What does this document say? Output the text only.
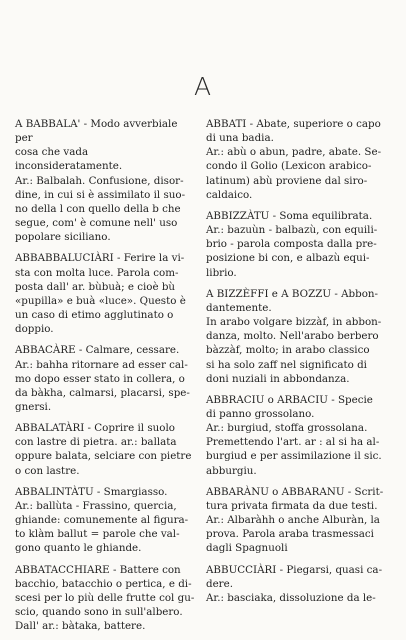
A

A BABBALA' - Modo avverbiale per

cosa che vada inconsideratamente.

Ar.: Balbalah. Confusione, disor-

dine, in cui si è assimilato il suo-

no della l con quello della b che

segue, com' è comune nell' uso

popolare siciliano.

ABBABBALUCIÀRI - Ferire la vi-

sta con molta luce. Parola com-

posta dall' ar. bùbuà; e cioè bù

«pupilla» e buà «luce». Questo è

un caso di etimo agglutinato o

doppio.

ABBACÀRE - Calmare, cessare.

Ar.: bahha ritornare ad esser cal-

mo dopo esser stato in collera, o

da bàkha, calmarsi, placarsi, spe-

gnersi.

ABBALATÀRI - Coprire il suolo

con lastre di pietra. ar.: ballata

oppure balata, selciare con pietre

o con lastre.

ABBALINTÀTU - Smargiasso.

Ar.: ballùta - Frassino, quercia,

ghiande: comunemente al figura-

to klàm ballut = parole che val-

gono quanto le ghiande.

ABBATACCHIARE - Battere con

bacchio, batacchio o pertica, e di-

scesi per lo più delle frutte col gu-

scio, quando sono in sull'albero.

Dall' ar.: bàtaka, battere.

ABBATI - Abate, superiore o capo

di una badia.

Ar.: abù o abun, padre, abate. Se-

condo il Golio (Lexicon arabico-

latinum) abù proviene dal siro-

caldaico.

ABBIZZÀTU - Soma equilibrata.

Ar.: bazuùn - balbazù, con equili-

brio - parola composta dalla pre-

posizione bi con, e albazù equi-

librio.

A BIZZÈFFI e A BOZZU - Abbon-

dantemente.

In arabo volgare bizzàf, in abbon-

danza, molto. Nell'arabo berbero

bàzzàf, molto; in arabo classico

si ha solo zaff nel significato di

doni nuziali in abbondanza.

ABBRACIU o ARBACIU - Specie

di panno grossolano.

Ar.: burgiud, stoffa grossolana.

Premettendo l'art. ar : al si ha al-

burgiud e per assimilazione il sic.

abburgiu.

ABBARÀNU o ABBARANU - Scrit-

tura privata firmata da due testi.

Ar.: Albaràhh o anche Alburàn, la

prova. Parola araba trasmessaci

dagli Spagnuoli

ABBUCCIÀRI - Piegarsi, quasi ca-

dere.

Ar.: basciaka, dissoluzione da le-
